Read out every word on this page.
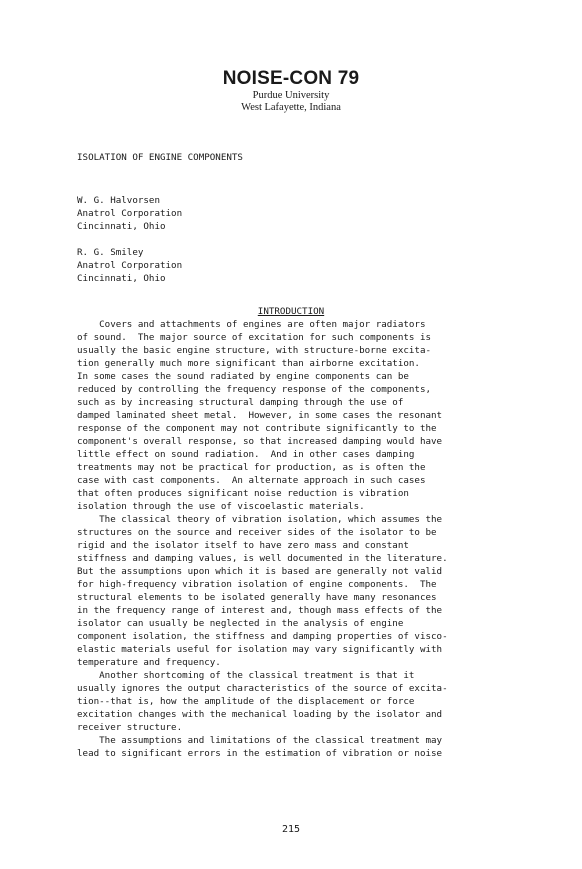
NOISE-CON 79
Purdue University
West Lafayette, Indiana
ISOLATION OF ENGINE COMPONENTS
W. G. Halvorsen
Anatrol Corporation
Cincinnati, Ohio
R. G. Smiley
Anatrol Corporation
Cincinnati, Ohio
INTRODUCTION
Covers and attachments of engines are often major radiators
of sound.  The major source of excitation for such components is
usually the basic engine structure, with structure-borne excita-
tion generally much more significant than airborne excitation.
In some cases the sound radiated by engine components can be
reduced by controlling the frequency response of the components,
such as by increasing structural damping through the use of
damped laminated sheet metal.  However, in some cases the resonant
response of the component may not contribute significantly to the
component's overall response, so that increased damping would have
little effect on sound radiation.  And in other cases damping
treatments may not be practical for production, as is often the
case with cast components.  An alternate approach in such cases
that often produces significant noise reduction is vibration
isolation through the use of viscoelastic materials.
The classical theory of vibration isolation, which assumes the
structures on the source and receiver sides of the isolator to be
rigid and the isolator itself to have zero mass and constant
stiffness and damping values, is well documented in the literature.
But the assumptions upon which it is based are generally not valid
for high-frequency vibration isolation of engine components.  The
structural elements to be isolated generally have many resonances
in the frequency range of interest and, though mass effects of the
isolator can usually be neglected in the analysis of engine
component isolation, the stiffness and damping properties of visco-
elastic materials useful for isolation may vary significantly with
temperature and frequency.
Another shortcoming of the classical treatment is that it
usually ignores the output characteristics of the source of excita-
tion--that is, how the amplitude of the displacement or force
excitation changes with the mechanical loading by the isolator and
receiver structure.
The assumptions and limitations of the classical treatment may
lead to significant errors in the estimation of vibration or noise
215
